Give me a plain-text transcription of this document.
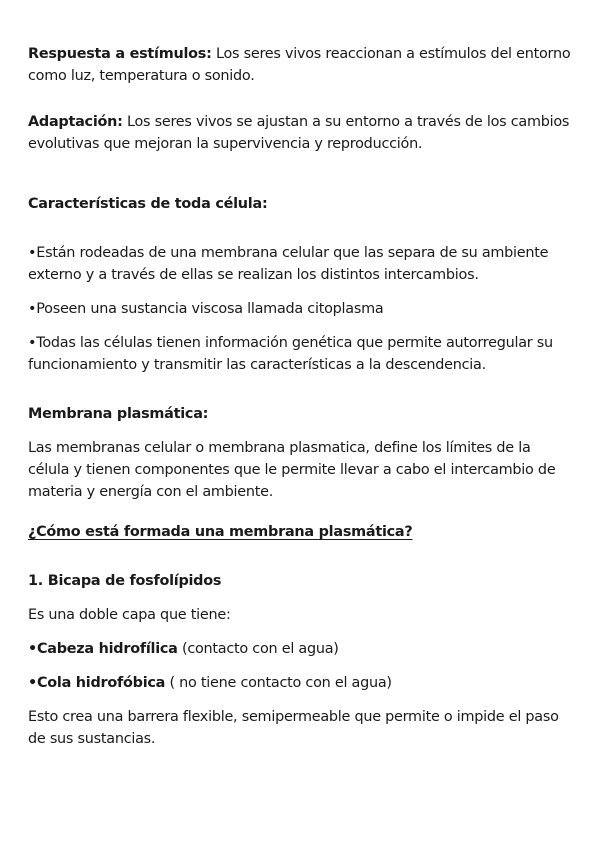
Respuesta a estímulos: Los seres vivos reaccionan a estímulos del entorno como luz, temperatura o sonido.

Adaptación: Los seres vivos se ajustan a su entorno a través de los cambios evolutivas que mejoran la supervivencia y reproducción.

Características de toda célula:

•Están rodeadas de una membrana celular que las separa de su ambiente externo y a través de ellas se realizan los distintos intercambios.

•Poseen una sustancia viscosa llamada citoplasma

•Todas las células tienen información genética que permite autorregular su funcionamiento y transmitir las características a la descendencia.

Membrana plasmática:

Las membranas celular o membrana plasmatica, define los límites de la célula y tienen componentes que le permite llevar a cabo el intercambio de materia y energía con el ambiente.

¿Cómo está formada una membrana plasmática?

1. Bicapa de fosfolípidos

Es una doble capa que tiene:

•Cabeza hidrofílica (contacto con el agua)

•Cola hidrofóbica ( no tiene contacto con el agua)

Esto crea una barrera flexible, semipermeable que permite o impide el paso de sus sustancias.
